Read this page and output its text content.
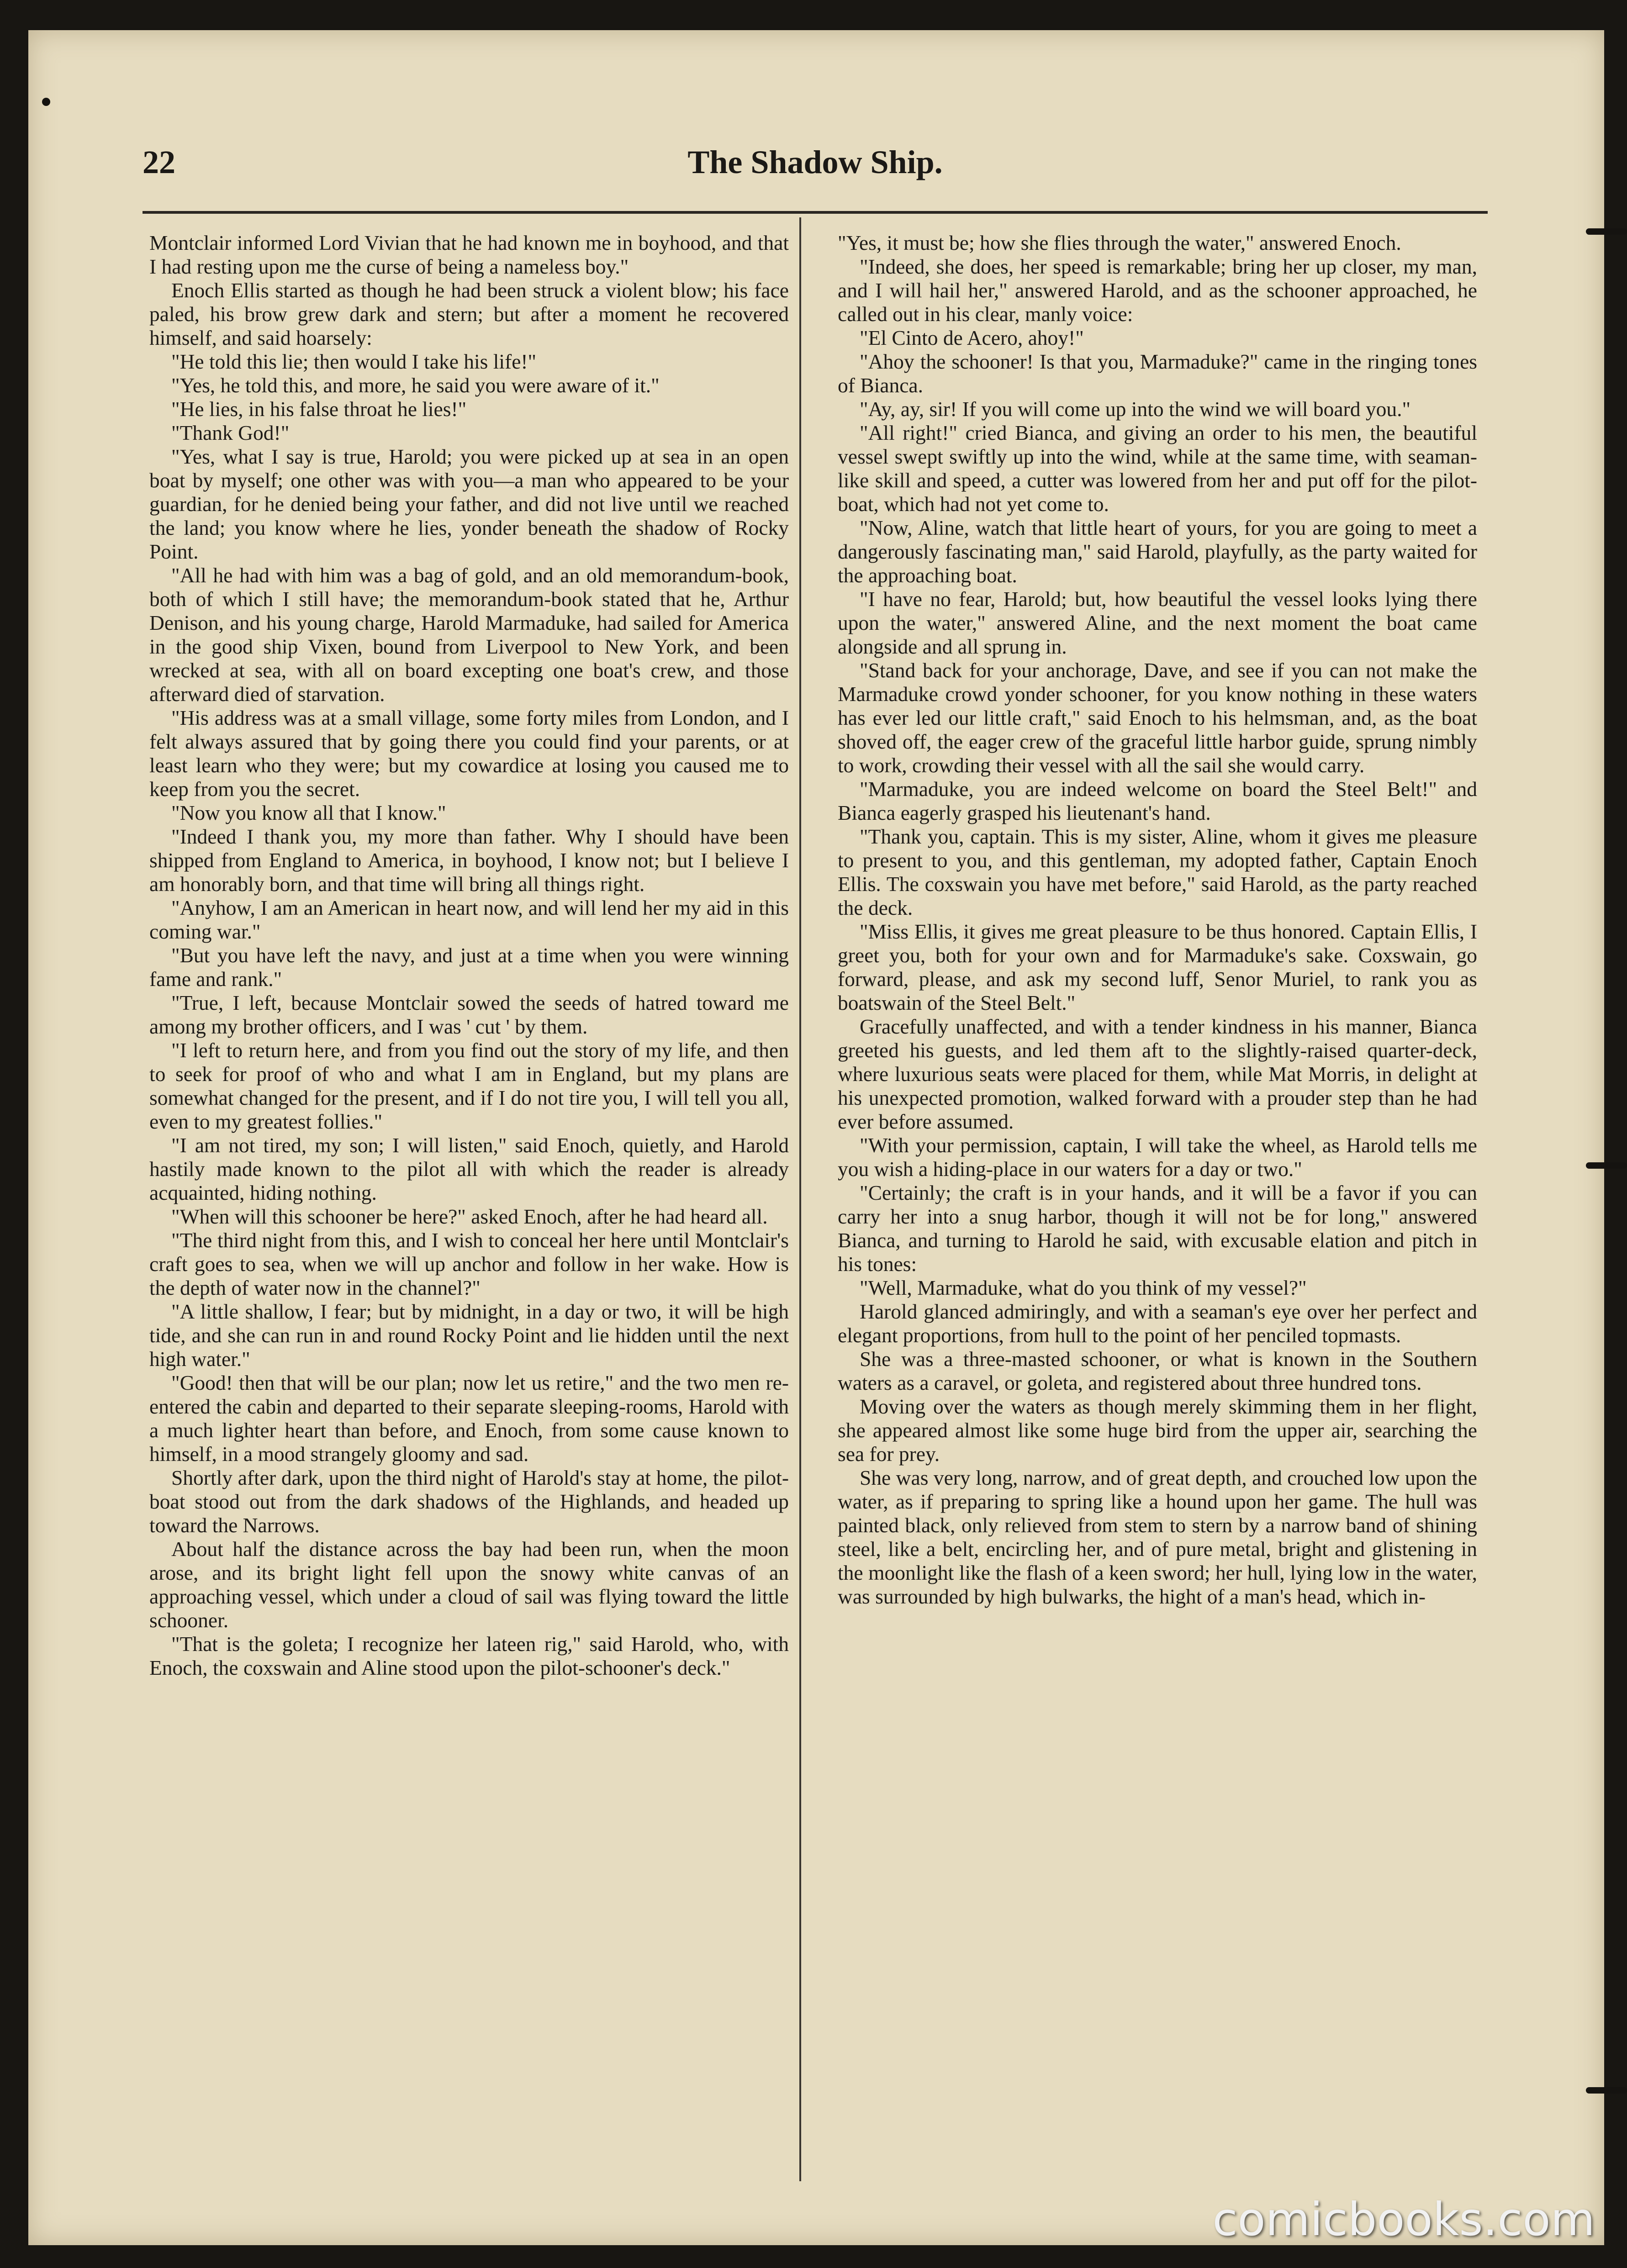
22	The Shadow Ship.

Montclair informed Lord Vivian that he had known me in boyhood, and that I had resting upon me the curse of being a nameless boy."

Enoch Ellis started as though he had been struck a violent blow; his face paled, his brow grew dark and stern; but after a moment he recovered himself, and said hoarsely:

"He told this lie; then would I take his life!"

"Yes, he told this, and more, he said you were aware of it."

"He lies, in his false throat he lies!"

"Thank God!"

"Yes, what I say is true, Harold; you were picked up at sea in an open boat by myself; one other was with you—a man who appeared to be your guardian, for he denied being your father, and did not live until we reached the land; you know where he lies, yonder beneath the shadow of Rocky Point.

"All he had with him was a bag of gold, and an old memorandum-book, both of which I still have; the memorandum-book stated that he, Arthur Denison, and his young charge, Harold Marmaduke, had sailed for America in the good ship Vixen, bound from Liverpool to New York, and been wrecked at sea, with all on board excepting one boat's crew, and those afterward died of starvation.

"His address was at a small village, some forty miles from London, and I felt always assured that by going there you could find your parents, or at least learn who they were; but my cowardice at losing you caused me to keep from you the secret.

"Now you know all that I know."

"Indeed I thank you, my more than father. Why I should have been shipped from England to America, in boyhood, I know not; but I believe I am honorably born, and that time will bring all things right.

"Anyhow, I am an American in heart now, and will lend her my aid in this coming war."

"But you have left the navy, and just at a time when you were winning fame and rank."

"True, I left, because Montclair sowed the seeds of hatred toward me among my brother officers, and I was ' cut ' by them.

"I left to return here, and from you find out the story of my life, and then to seek for proof of who and what I am in England, but my plans are somewhat changed for the present, and if I do not tire you, I will tell you all, even to my greatest follies."

"I am not tired, my son; I will listen," said Enoch, quietly, and Harold hastily made known to the pilot all with which the reader is already acquainted, hiding nothing.

"When will this schooner be here?" asked Enoch, after he had heard all.

"The third night from this, and I wish to conceal her here until Montclair's craft goes to sea, when we will up anchor and follow in her wake. How is the depth of water now in the channel?"

"A little shallow, I fear; but by midnight, in a day or two, it will be high tide, and she can run in and round Rocky Point and lie hidden until the next high water."

"Good! then that will be our plan; now let us retire," and the two men re-entered the cabin and departed to their separate sleeping-rooms, Harold with a much lighter heart than before, and Enoch, from some cause known to himself, in a mood strangely gloomy and sad.

Shortly after dark, upon the third night of Harold's stay at home, the pilot-boat stood out from the dark shadows of the Highlands, and headed up toward the Narrows.

About half the distance across the bay had been run, when the moon arose, and its bright light fell upon the snowy white canvas of an approaching vessel, which under a cloud of sail was flying toward the little schooner.

"That is the goleta; I recognize her lateen rig," said Harold, who, with Enoch, the coxswain and Aline stood upon the pilot-schooner's deck."

"Yes, it must be; how she flies through the water," answered Enoch.

"Indeed, she does, her speed is remarkable; bring her up closer, my man, and I will hail her," answered Harold, and as the schooner approached, he called out in his clear, manly voice:

"El Cinto de Acero, ahoy!"

"Ahoy the schooner! Is that you, Marmaduke?" came in the ringing tones of Bianca.

"Ay, ay, sir! If you will come up into the wind we will board you."

"All right!" cried Bianca, and giving an order to his men, the beautiful vessel swept swiftly up into the wind, while at the same time, with seaman-like skill and speed, a cutter was lowered from her and put off for the pilot-boat, which had not yet come to.

"Now, Aline, watch that little heart of yours, for you are going to meet a dangerously fascinating man," said Harold, playfully, as the party waited for the approaching boat.

"I have no fear, Harold; but, how beautiful the vessel looks lying there upon the water," answered Aline, and the next moment the boat came alongside and all sprung in.

"Stand back for your anchorage, Dave, and see if you can not make the Marmaduke crowd yonder schooner, for you know nothing in these waters has ever led our little craft," said Enoch to his helmsman, and, as the boat shoved off, the eager crew of the graceful little harbor guide, sprung nimbly to work, crowding their vessel with all the sail she would carry.

"Marmaduke, you are indeed welcome on board the Steel Belt!" and Bianca eagerly grasped his lieutenant's hand.

"Thank you, captain. This is my sister, Aline, whom it gives me pleasure to present to you, and this gentleman, my adopted father, Captain Enoch Ellis. The coxswain you have met before," said Harold, as the party reached the deck.

"Miss Ellis, it gives me great pleasure to be thus honored. Captain Ellis, I greet you, both for your own and for Marmaduke's sake. Coxswain, go forward, please, and ask my second luff, Senor Muriel, to rank you as boatswain of the Steel Belt."

Gracefully unaffected, and with a tender kindness in his manner, Bianca greeted his guests, and led them aft to the slightly-raised quarter-deck, where luxurious seats were placed for them, while Mat Morris, in delight at his unexpected promotion, walked forward with a prouder step than he had ever before assumed.

"With your permission, captain, I will take the wheel, as Harold tells me you wish a hiding-place in our waters for a day or two."

"Certainly; the craft is in your hands, and it will be a favor if you can carry her into a snug harbor, though it will not be for long," answered Bianca, and turning to Harold he said, with excusable elation and pitch in his tones:

"Well, Marmaduke, what do you think of my vessel?"

Harold glanced admiringly, and with a seaman's eye over her perfect and elegant proportions, from hull to the point of her penciled topmasts.

She was a three-masted schooner, or what is known in the Southern waters as a caravel, or goleta, and registered about three hundred tons.

Moving over the waters as though merely skimming them in her flight, she appeared almost like some huge bird from the upper air, searching the sea for prey.

She was very long, narrow, and of great depth, and crouched low upon the water, as if preparing to spring like a hound upon her game. The hull was painted black, only relieved from stem to stern by a narrow band of shining steel, like a belt, encircling her, and of pure metal, bright and glistening in the moonlight like the flash of a keen sword; her hull, lying low in the water, was surrounded by high bulwarks, the hight of a man's head, which in-

comicbooks.com
